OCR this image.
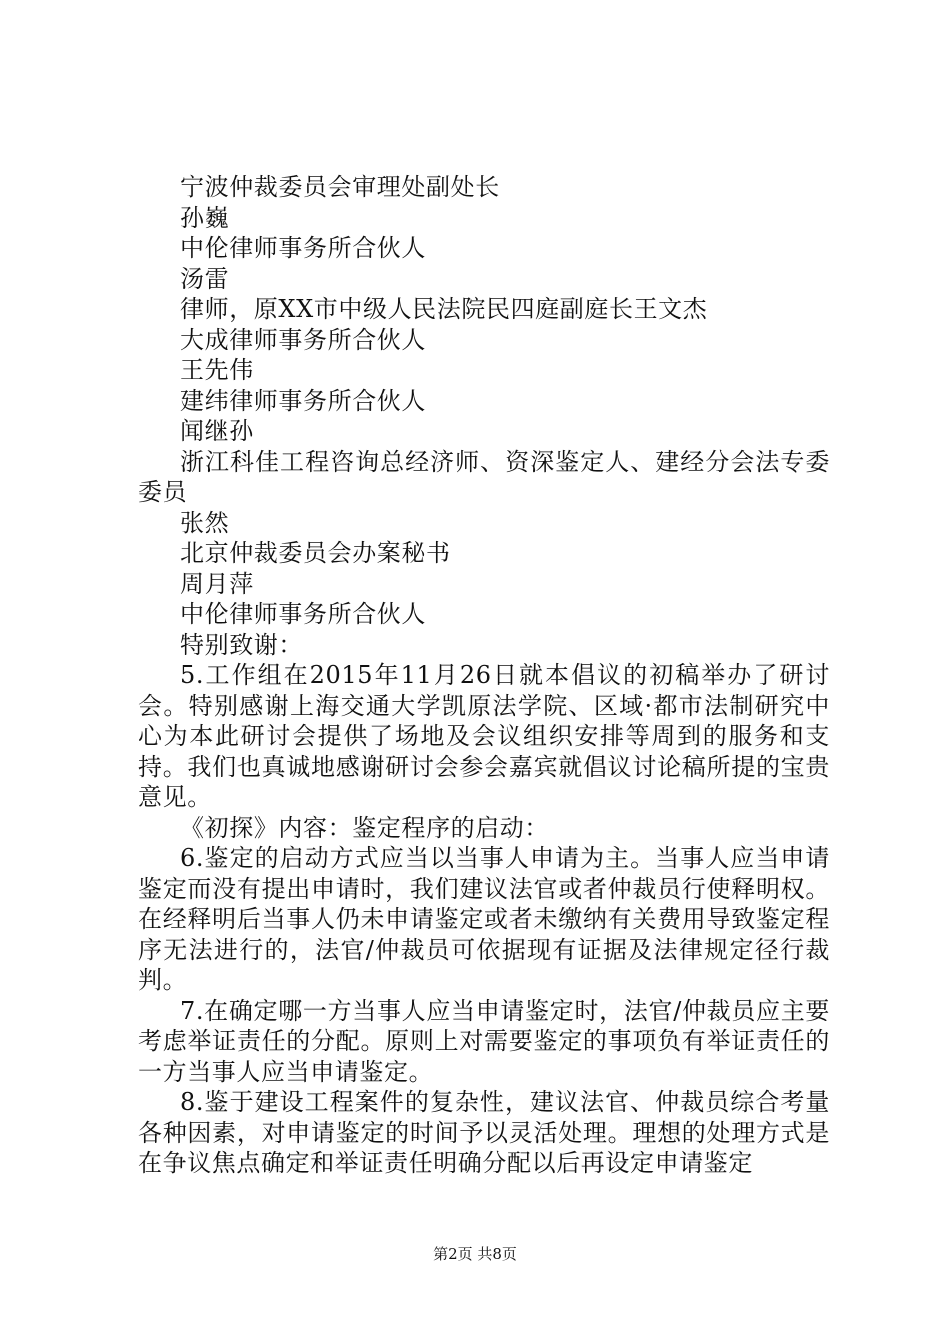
宁波仲裁委员会审理处副处长

孙巍

中伦律师事务所合伙人

汤雷

律师，原XX市中级人民法院民四庭副庭长王文杰

大成律师事务所合伙人

王先伟

建纬律师事务所合伙人

闻继孙

浙江科佳工程咨询总经济师、资深鉴定人、建经分会法专委委员

张然

北京仲裁委员会办案秘书

周月萍

中伦律师事务所合伙人

特别致谢：

5.工作组在2015年11月26日就本倡议的初稿举办了研讨会。特别感谢上海交通大学凯原法学院、区域·都市法制研究中心为本此研讨会提供了场地及会议组织安排等周到的服务和支持。我们也真诚地感谢研讨会参会嘉宾就倡议讨论稿所提的宝贵意见。

《初探》内容：鉴定程序的启动：

6.鉴定的启动方式应当以当事人申请为主。当事人应当申请鉴定而没有提出申请时，我们建议法官或者仲裁员行使释明权。在经释明后当事人仍未申请鉴定或者未缴纳有关费用导致鉴定程序无法进行的，法官/仲裁员可依据现有证据及法律规定径行裁判。

7.在确定哪一方当事人应当申请鉴定时，法官/仲裁员应主要考虑举证责任的分配。原则上对需要鉴定的事项负有举证责任的一方当事人应当申请鉴定。

8.鉴于建设工程案件的复杂性，建议法官、仲裁员综合考量各种因素，对申请鉴定的时间予以灵活处理。理想的处理方式是在争议焦点确定和举证责任明确分配以后再设定申请鉴定

第2页 共8页
